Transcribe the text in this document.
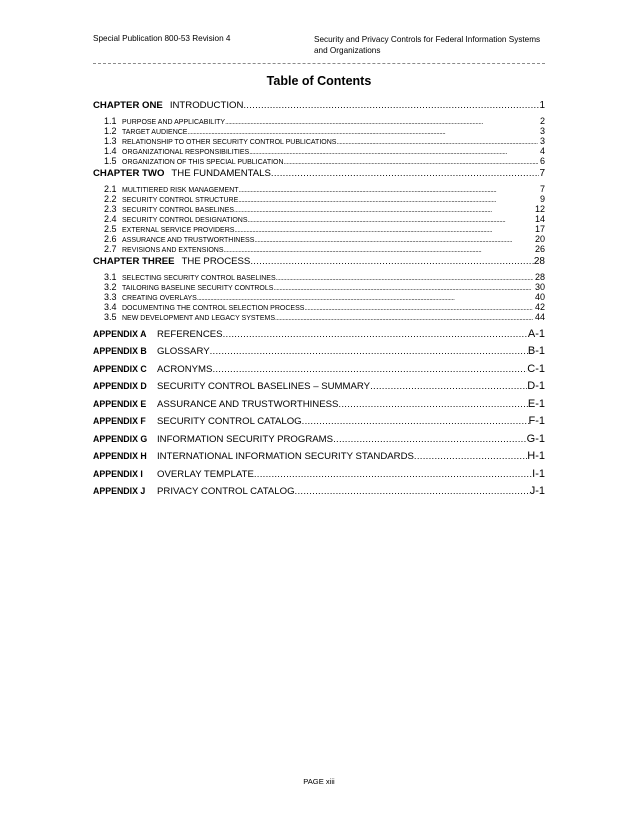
Special Publication 800-53 Revision 4	Security and Privacy Controls for Federal Information Systems and Organizations
Table of Contents
CHAPTER ONE INTRODUCTION . . .	1
1.1 PURPOSE AND APPLICABILITY . . .	2
1.2 TARGET AUDIENCE . . .	3
1.3 RELATIONSHIP TO OTHER SECURITY CONTROL PUBLICATIONS . . .	3
1.4 ORGANIZATIONAL RESPONSIBILITIES . . .	4
1.5 ORGANIZATION OF THIS SPECIAL PUBLICATION . . .	6
CHAPTER TWO THE FUNDAMENTALS . . .	7
2.1 MULTITIERED RISK MANAGEMENT . . .	7
2.2 SECURITY CONTROL STRUCTURE . . .	9
2.3 SECURITY CONTROL BASELINES . . .	12
2.4 SECURITY CONTROL DESIGNATIONS . . .	14
2.5 EXTERNAL SERVICE PROVIDERS . . .	17
2.6 ASSURANCE AND TRUSTWORTHINESS . . .	20
2.7 REVISIONS AND EXTENSIONS . . .	26
CHAPTER THREE THE PROCESS . . .	28
3.1 SELECTING SECURITY CONTROL BASELINES . . .	28
3.2 TAILORING BASELINE SECURITY CONTROLS . . .	30
3.3 CREATING OVERLAYS . . .	40
3.4 DOCUMENTING THE CONTROL SELECTION PROCESS . . .	42
3.5 NEW DEVELOPMENT AND LEGACY SYSTEMS . . .	44
APPENDIX A REFERENCES . . .	A-1
APPENDIX B GLOSSARY . . .	B-1
APPENDIX C ACRONYMS . . .	C-1
APPENDIX D SECURITY CONTROL BASELINES – SUMMARY . . .	D-1
APPENDIX E ASSURANCE AND TRUSTWORTHINESS . . .	E-1
APPENDIX F SECURITY CONTROL CATALOG . . .	F-1
APPENDIX G INFORMATION SECURITY PROGRAMS . . .	G-1
APPENDIX H INTERNATIONAL INFORMATION SECURITY STANDARDS . . .	H-1
APPENDIX I OVERLAY TEMPLATE . . .	I-1
APPENDIX J PRIVACY CONTROL CATALOG . . .	J-1
PAGE xiii
